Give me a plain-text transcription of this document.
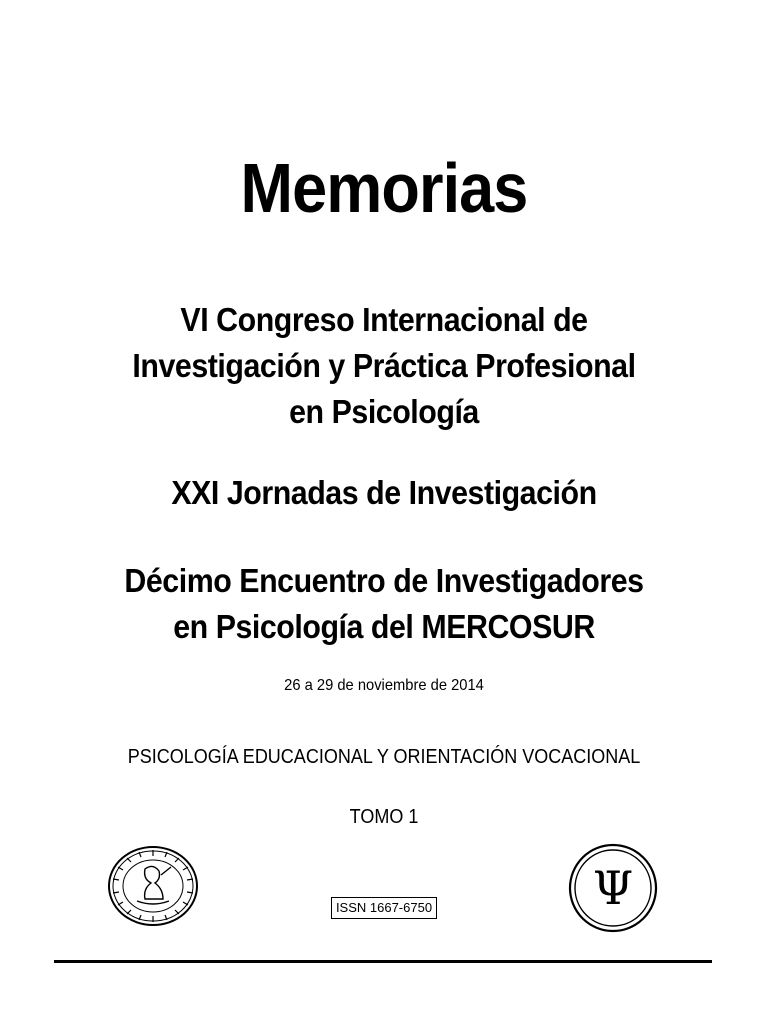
Memorias
VI Congreso Internacional de
Investigación y Práctica Profesional
en Psicología
XXI Jornadas de Investigación
Décimo Encuentro de Investigadores
en Psicología del MERCOSUR
26 a 29 de noviembre de 2014
PSICOLOGÍA EDUCACIONAL Y ORIENTACIÓN VOCACIONAL
TOMO 1
Ψ
ISSN 1667-6750
